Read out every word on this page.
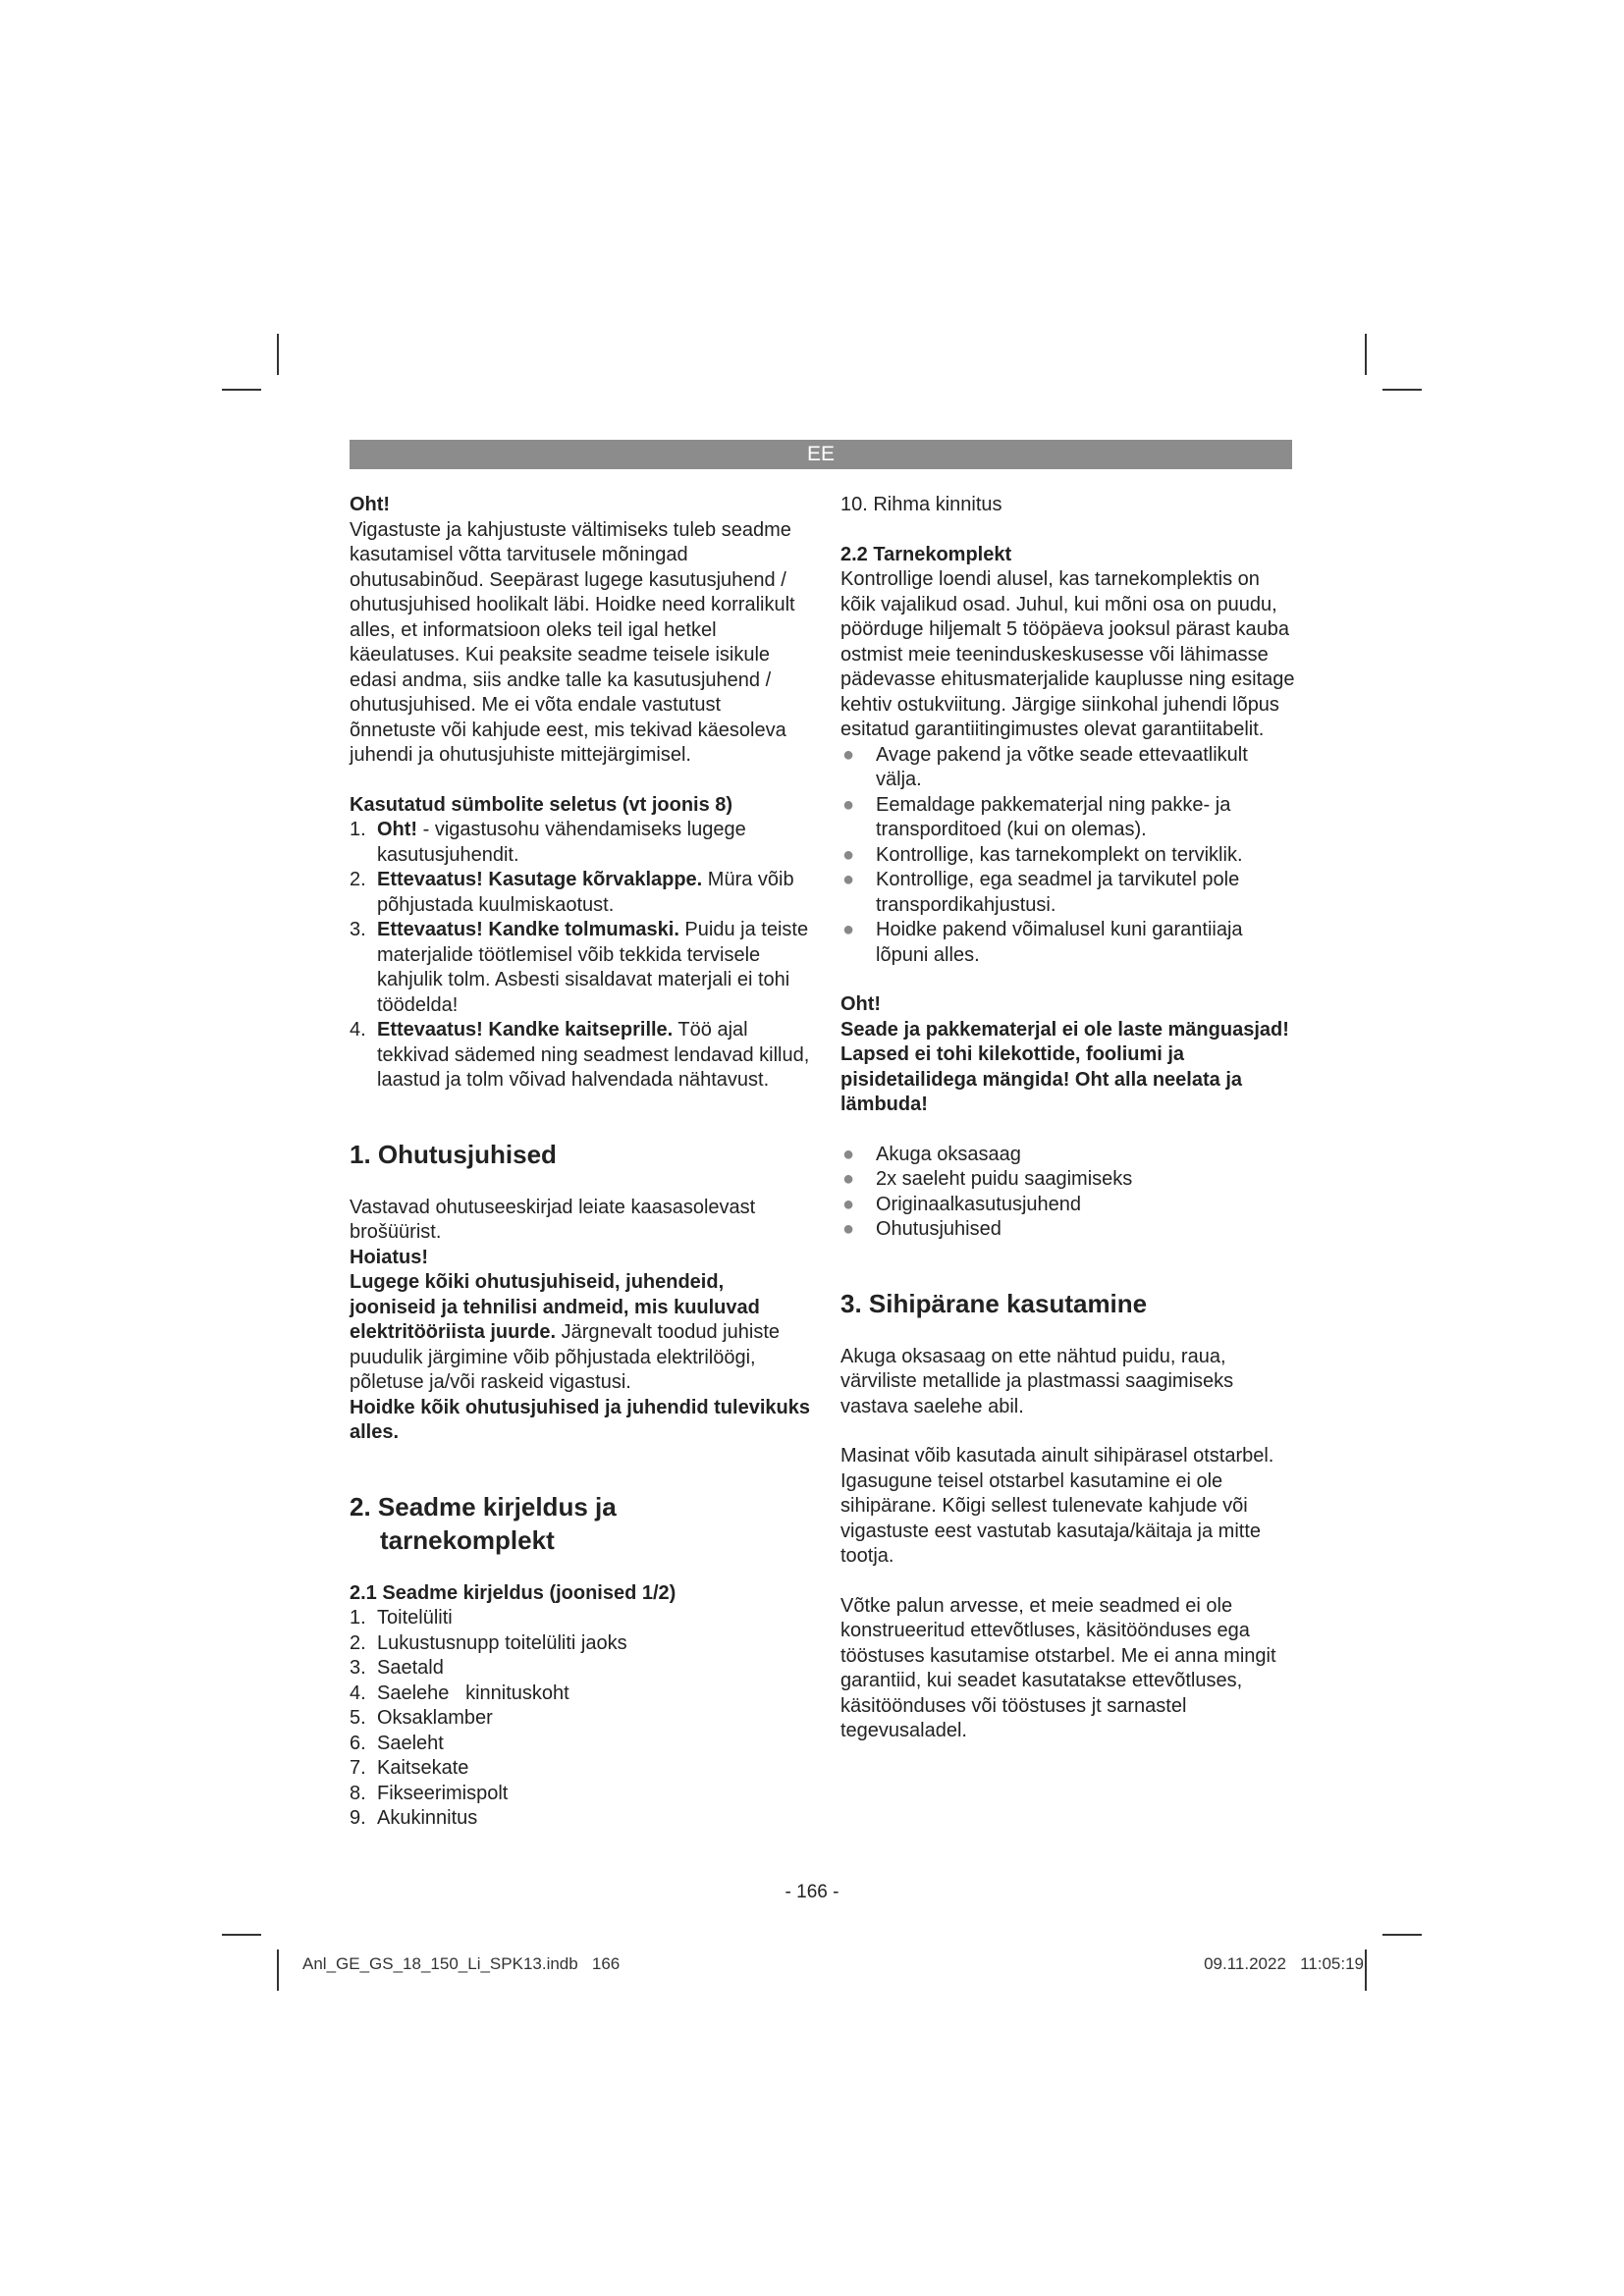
EE

Oht!

Vigastuste ja kahjustuste vältimiseks tuleb seadme kasutamisel võtta tarvitusele mõningad ohutusabinõud. Seepärast lugege kasutusjuhend / ohutusjuhised hoolikalt läbi. Hoidke need korralikult alles, et informatsioon oleks teil igal hetkel käeulatuses. Kui peaksite seadme teisele isikule edasi andma, siis andke talle ka kasutusjuhend / ohutusjuhised. Me ei võta endale vastutust õnnetuste või kahjude eest, mis tekivad käesoleva juhendi ja ohutusjuhiste mittejärgimisel.

Kasutatud sümbolite seletus (vt joonis 8)

1. Oht! - vigastusohu vähendamiseks lugege kasutusjuhendit.
2. Ettevaatus! Kasutage kõrvaklappe. Müra võib põhjustada kuulmiskaotust.
3. Ettevaatus! Kandke tolmumaski. Puidu ja teiste materjalide töötlemisel võib tekkida tervisele kahjulik tolm. Asbesti sisaldavat materjali ei tohi töödelda!
4. Ettevaatus! Kandke kaitseprille. Töö ajal tekkivad sädemed ning seadmest lendavad killud, laastud ja tolm võivad halvendada nähtavust.
1. Ohutusjuhised

Vastavad ohutuseeskirjad leiate kaasasolevast brošüürist.

Hoiatus!

Lugege kõiki ohutusjuhiseid, juhendeid, jooniseid ja tehnilisi andmeid, mis kuuluvad elektritööriista juurde. Järgnevalt toodud juhiste puudulik järgimine võib põhjustada elektrilöögi, põletuse ja/või raskeid vigastusi.

Hoidke kõik ohutusjuhised ja juhendid tulevikuks alles.

2. Seadme kirjeldus ja
tarnekomplekt

2.1 Seadme kirjeldus (joonised 1/2)

1. Toitelüliti
2. Lukustusnupp toitelüliti jaoks
3. Saetald
4. Saelehe   kinnituskoht
5. Oksaklamber
6. Saeleht
7. Kaitsekate
8. Fikseerimispolt
9. Akukinnitus

10. Rihma kinnitus

2.2 Tarnekomplekt

Kontrollige loendi alusel, kas tarnekomplektis on kõik vajalikud osad. Juhul, kui mõni osa on puudu, pöörduge hiljemalt 5 tööpäeva jooksul pärast kauba ostmist meie teeninduskeskusesse või lähimasse pädevasse ehitusmaterjalide kauplusse ning esitage kehtiv ostukviitung. Järgige siinkohal juhendi lõpus esitatud garantiitingimustes olevat garantiitabelit.

● Avage pakend ja võtke seade ettevaatlikult välja.
● Eemaldage pakkematerjal ning pakke- ja transporditoed (kui on olemas).
● Kontrollige, kas tarnekomplekt on terviklik.
● Kontrollige, ega seadmel ja tarvikutel pole transpordikahjustusi.
● Hoidke pakend võimalusel kuni garantiiaja lõpuni alles.

Oht!

Seade ja pakkematerjal ei ole laste mänguasjad! Lapsed ei tohi kilekottide, fooliumi ja pisidetailidega mängida! Oht alla neelata ja lämbuda!

● Akuga oksasaag
● 2x saeleht puidu saagimiseks
● Originaalkasutusjuhend
● Ohutusjuhised
3. Sihipärane kasutamine

Akuga oksasaag on ette nähtud puidu, raua, värviliste metallide ja plastmassi saagimiseks vastava saelehe abil.

Masinat võib kasutada ainult sihipärasel otstarbel. Igasugune teisel otstarbel kasutamine ei ole sihipärane. Kõigi sellest tulenevate kahjude või vigastuste eest vastutab kasutaja/käitaja ja mitte tootja.

Võtke palun arvesse, et meie seadmed ei ole konstrueeritud ettevõtluses, käsitöönduses ega tööstuses kasutamise otstarbel. Me ei anna mingit garantiid, kui seadet kasutatakse ettevõtluses, käsitöönduses või tööstuses jt sarnastel tegevusaladel.

- 166 -
Anl_GE_GS_18_150_Li_SPK13.indb   166	09.11.2022   11:05:19
